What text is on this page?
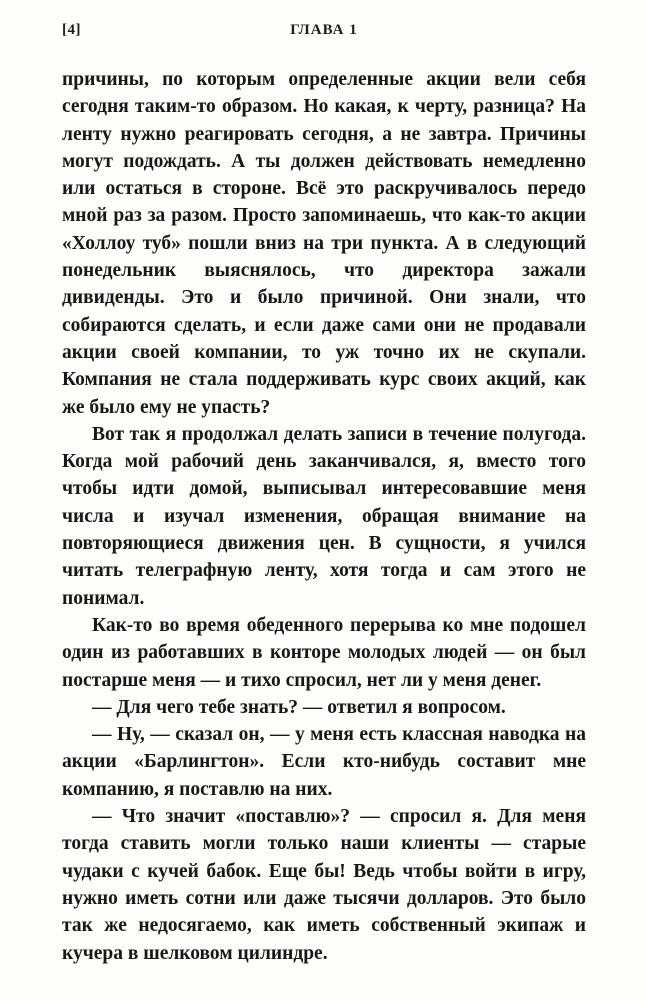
[4]	ГЛАВА 1

причины, по которым определенные акции вели себя сегодня таким-то образом. Но какая, к черту, разница? На ленту нужно реагировать сегодня, а не завтра. Причины могут подождать. А ты должен действовать немедленно или остаться в стороне. Всё это раскручивалось передо мной раз за разом. Просто запоминаешь, что как-то акции «Холлоу туб» пошли вниз на три пункта. А в следующий понедельник выяснялось, что директора зажали дивиденды. Это и было причиной. Они знали, что собираются сделать, и если даже сами они не продавали акции своей компании, то уж точно их не скупали. Компания не стала поддерживать курс своих акций, как же было ему не упасть?

Вот так я продолжал делать записи в течение полугода. Когда мой рабочий день заканчивался, я, вместо того чтобы идти домой, выписывал интересовавшие меня числа и изучал изменения, обращая внимание на повторяющиеся движения цен. В сущности, я учился читать телеграфную ленту, хотя тогда и сам этого не понимал.

Как-то во время обеденного перерыва ко мне подошел один из работавших в конторе молодых людей — он был постарше меня — и тихо спросил, нет ли у меня денег.

— Для чего тебе знать? — ответил я вопросом.

— Ну, — сказал он, — у меня есть классная наводка на акции «Барлингтон». Если кто-нибудь составит мне компанию, я поставлю на них.

— Что значит «поставлю»? — спросил я. Для меня тогда ставить могли только наши клиенты — старые чудаки с кучей бабок. Еще бы! Ведь чтобы войти в игру, нужно иметь сотни или даже тысячи долларов. Это было так же недосягаемо, как иметь собственный экипаж и кучера в шелковом цилиндре.
